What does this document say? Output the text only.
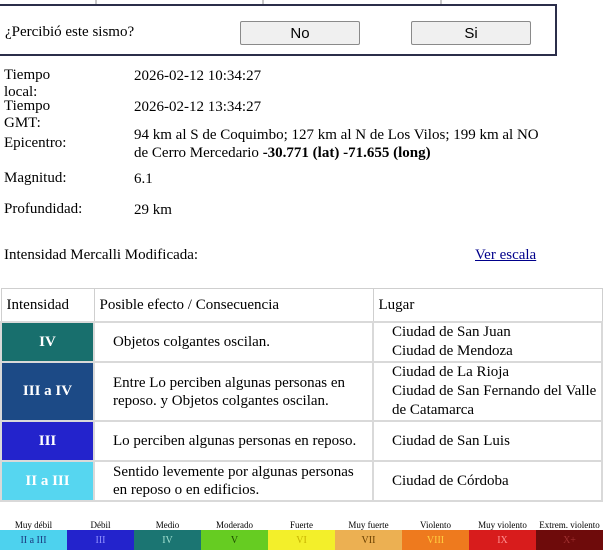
¿Percibió este sismo?	No	Si
Tiempo local:
2026-02-12 10:34:27
Tiempo GMT:
2026-02-12 13:34:27
Epicentro:	94 km al S de Coquimbo; 127 km al N de Los Vilos; 199 km al NO de Cerro Mercedario -30.771 (lat) -71.655 (long)
Magnitud:	6.1
Profundidad:	29 km
Intensidad Mercalli Modificada:	Ver escala
Intensidad	Posible efecto / Consecuencia	Lugar
IV	Objetos colgantes oscilan.	Ciudad de San Juan
Ciudad de Mendoza

III a IV	Entre Lo perciben algunas personas en reposo. y Objetos colgantes oscilan.	Ciudad de La Rioja
Ciudad de San Fernando del Valle de Catamarca

III	Lo perciben algunas personas en reposo.	Ciudad de San Luis

II a III	Sentido levemente por algunas personas en reposo o en edificios.	Ciudad de Córdoba
Muy débil	Débil	Medio	Moderado	Fuerte	Muy fuerte	Violento	Muy violento	Extrem. violento
II a III	III	IV	V	VI	VII	VIII	IX	X+
